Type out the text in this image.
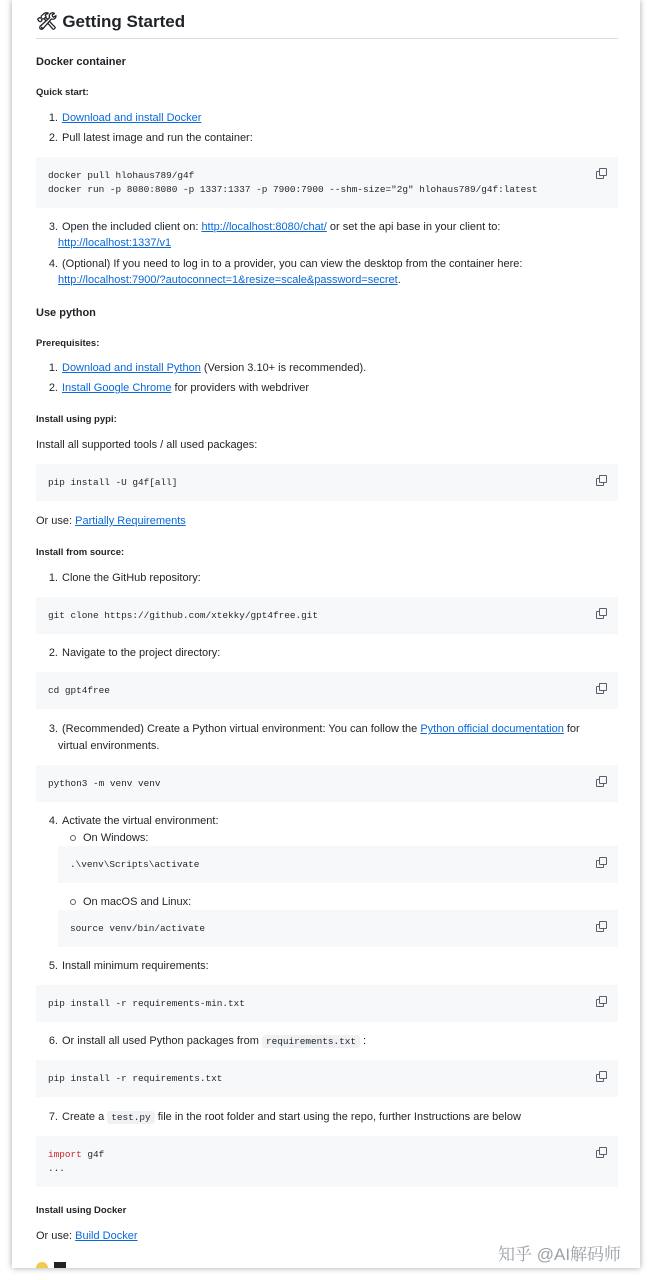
🛠 Getting Started
Docker container
Quick start:
1. Download and install Docker
2. Pull latest image and run the container:
docker pull hlohaus789/g4f
docker run -p 8080:8080 -p 1337:1337 -p 7900:7900 --shm-size="2g" hlohaus789/g4f:latest
3. Open the included client on: http://localhost:8080/chat/ or set the api base in your client to:
http://localhost:1337/v1
4. (Optional) If you need to log in to a provider, you can view the desktop from the container here:
http://localhost:7900/?autoconnect=1&resize=scale&password=secret.
Use python
Prerequisites:
1. Download and install Python (Version 3.10+ is recommended).
2. Install Google Chrome for providers with webdriver
Install using pypi:
Install all supported tools / all used packages:
pip install -U g4f[all]
Or use: Partially Requirements
Install from source:
1. Clone the GitHub repository:
git clone https://github.com/xtekky/gpt4free.git
2. Navigate to the project directory:
cd gpt4free
3. (Recommended) Create a Python virtual environment: You can follow the Python official documentation for
virtual environments.
python3 -m venv venv
4. Activate the virtual environment:
On Windows:
.\venv\Scripts\activate
On macOS and Linux:
source venv/bin/activate
5. Install minimum requirements:
pip install -r requirements-min.txt
6. Or install all used Python packages from requirements.txt :
pip install -r requirements.txt
7. Create a test.py file in the root folder and start using the repo, further Instructions are below
import g4f
...
Install using Docker
Or use: Build Docker
知乎 @AI解码师
